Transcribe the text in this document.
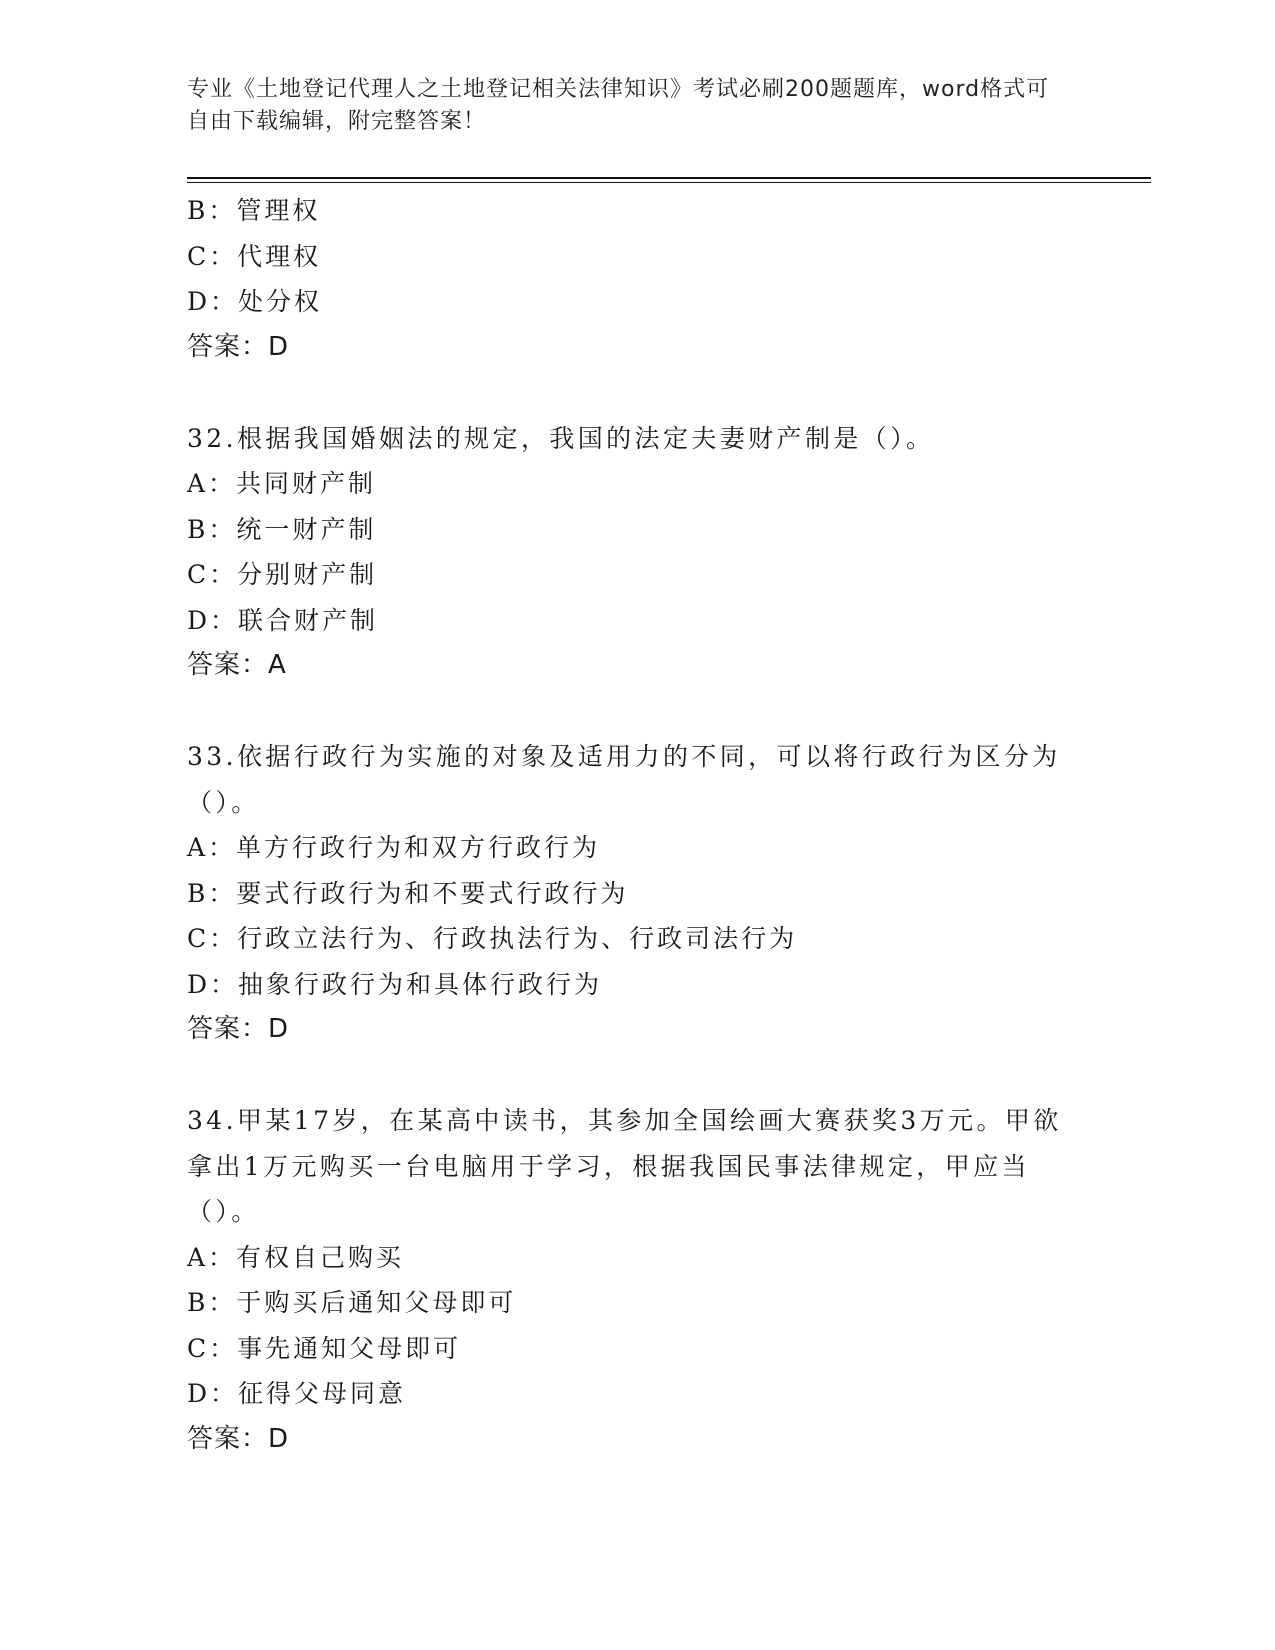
专业《土地登记代理人之土地登记相关法律知识》考试必刷200题题库，word格式可自由下载编辑，附完整答案！
B：管理权
C：代理权
D：处分权
答案：D
32.根据我国婚姻法的规定，我国的法定夫妻财产制是（）。
A：共同财产制
B：统一财产制
C：分别财产制
D：联合财产制
答案：A
33.依据行政行为实施的对象及适用力的不同，可以将行政行为区分为（）。
A：单方行政行为和双方行政行为
B：要式行政行为和不要式行政行为
C：行政立法行为、行政执法行为、行政司法行为
D：抽象行政行为和具体行政行为
答案：D
34.甲某17岁，在某高中读书，其参加全国绘画大赛获奖3万元。甲欲拿出1万元购买一台电脑用于学习，根据我国民事法律规定，甲应当（）。
A：有权自己购买
B：于购买后通知父母即可
C：事先通知父母即可
D：征得父母同意
答案：D
